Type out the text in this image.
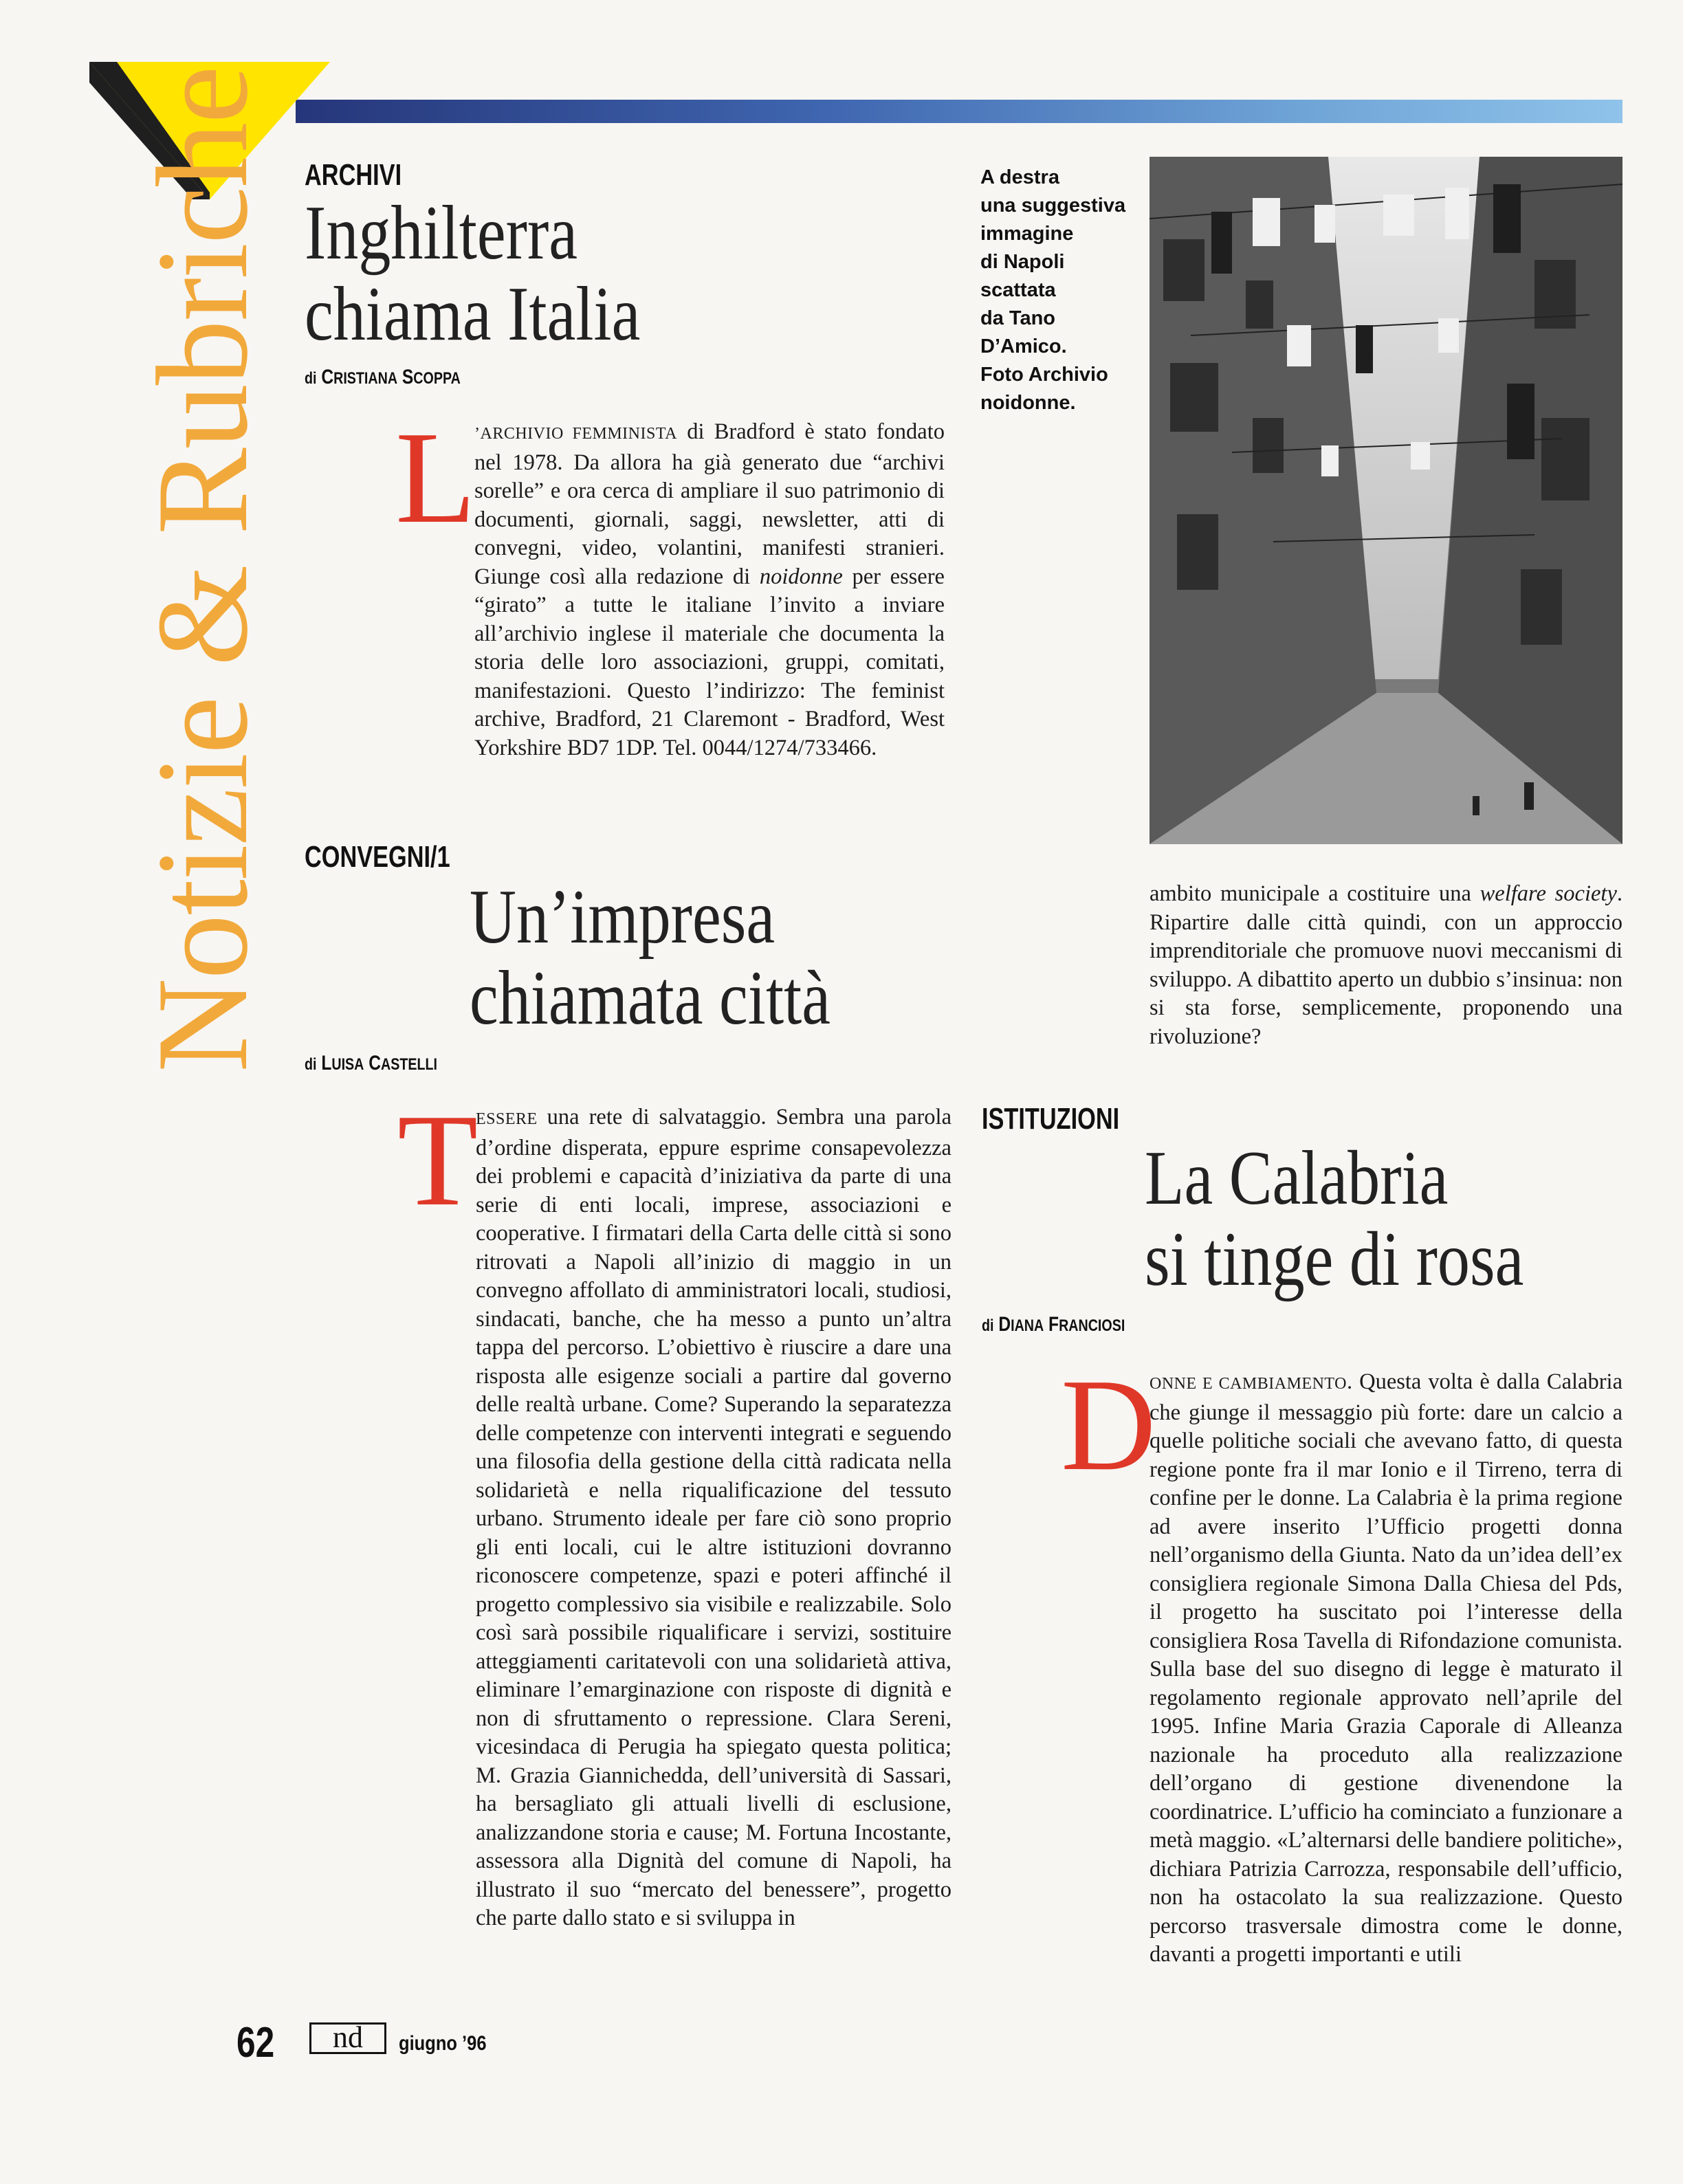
Notizie & Rubriche ARCHIVI
Inghilterra
chiama Italia
di CRISTIANA SCOPPA
L
’ARCHIVIO FEMMINISTA di Bradford è stato fondato nel 1978. Da allora ha già generato due “archivi sorelle” e ora cerca di ampliare il suo patrimonio di documenti, giornali, saggi, newsletter, atti di convegni, video, volantini, manifesti stranieri. Giunge così alla redazione di noidonne per essere “girato” a tutte le italiane l’invito a inviare all’archivio inglese il materiale che documenta la storia delle loro associazioni, gruppi, comitati, manifestazioni. Questo l’indirizzo: The feminist archive, Bradford, 21 Claremont - Bradford, West Yorkshire BD7 1DP. Tel. 0044/1274/733466.
A destra
una suggestiva
immagine
di Napoli
scattata
da Tano
D’Amico.
Foto Archivio
noidonne.
CONVEGNI/1
Un’impresa
chiamata città
di LUISA CASTELLI
T
ESSERE una rete di salvataggio. Sembra una parola d’ordine disperata, eppure esprime consapevolezza dei problemi e capacità d’iniziativa da parte di una serie di enti locali, imprese, associazioni e cooperative. I firmatari della Carta delle città si sono ritrovati a Napoli all’inizio di maggio in un convegno affollato di amministratori locali, studiosi, sindacati, banche, che ha messo a punto un’altra tappa del percorso. L’obiettivo è riuscire a dare una risposta alle esigenze sociali a partire dal governo delle realtà urbane. Come? Superando la separatezza delle competenze con interventi integrati e seguendo una filosofia della gestione della città radicata nella solidarietà e nella riqualificazione del tessuto urbano. Strumento ideale per fare ciò sono proprio gli enti locali, cui le altre istituzioni dovranno riconoscere competenze, spazi e poteri affinché il progetto complessivo sia visibile e realizzabile. Solo così sarà possibile riqualificare i servizi, sostituire atteggiamenti caritatevoli con una solidarietà attiva, eliminare l’emarginazione con risposte di dignità e non di sfruttamento o repressione. Clara Sereni, vicesindaca di Perugia ha spiegato questa politica; M. Grazia Giannichedda, dell’università di Sassari, ha bersagliato gli attuali livelli di esclusione, analizzandone storia e cause; M. Fortuna Incostante, assessora alla Dignità del comune di Napoli, ha illustrato il suo “mercato del benessere”, progetto che parte dallo stato e si sviluppa in
ambito municipale a costituire una welfare society. Ripartire dalle città quindi, con un approccio imprenditoriale che promuove nuovi meccanismi di sviluppo. A dibattito aperto un dubbio s’insinua: non si sta forse, semplicemente, proponendo una rivoluzione?
ISTITUZIONI
La Calabria
si tinge di rosa
di DIANA FRANCIOSI
D
ONNE E CAMBIAMENTO. Questa volta è dalla Calabria che giunge il messaggio più forte: dare un calcio a quelle politiche sociali che avevano fatto, di questa regione ponte fra il mar Ionio e il Tirreno, terra di confine per le donne. La Calabria è la prima regione ad avere inserito l’Ufficio progetti donna nell’organismo della Giunta. Nato da un’idea dell’ex consigliera regionale Simona Dalla Chiesa del Pds, il progetto ha suscitato poi l’interesse della consigliera Rosa Tavella di Rifondazione comunista. Sulla base del suo disegno di legge è maturato il regolamento regionale approvato nell’aprile del 1995. Infine Maria Grazia Caporale di Alleanza nazionale ha proceduto alla realizzazione dell’organo di gestione divenendone la coordinatrice. L’ufficio ha cominciato a funzionare a metà maggio. «L’alternarsi delle bandiere politiche», dichiara Patrizia Carrozza, responsabile dell’ufficio, non ha ostacolato la sua realizzazione. Questo percorso trasversale dimostra come le donne, davanti a progetti importanti e utili
62	nd	giugno ’96
